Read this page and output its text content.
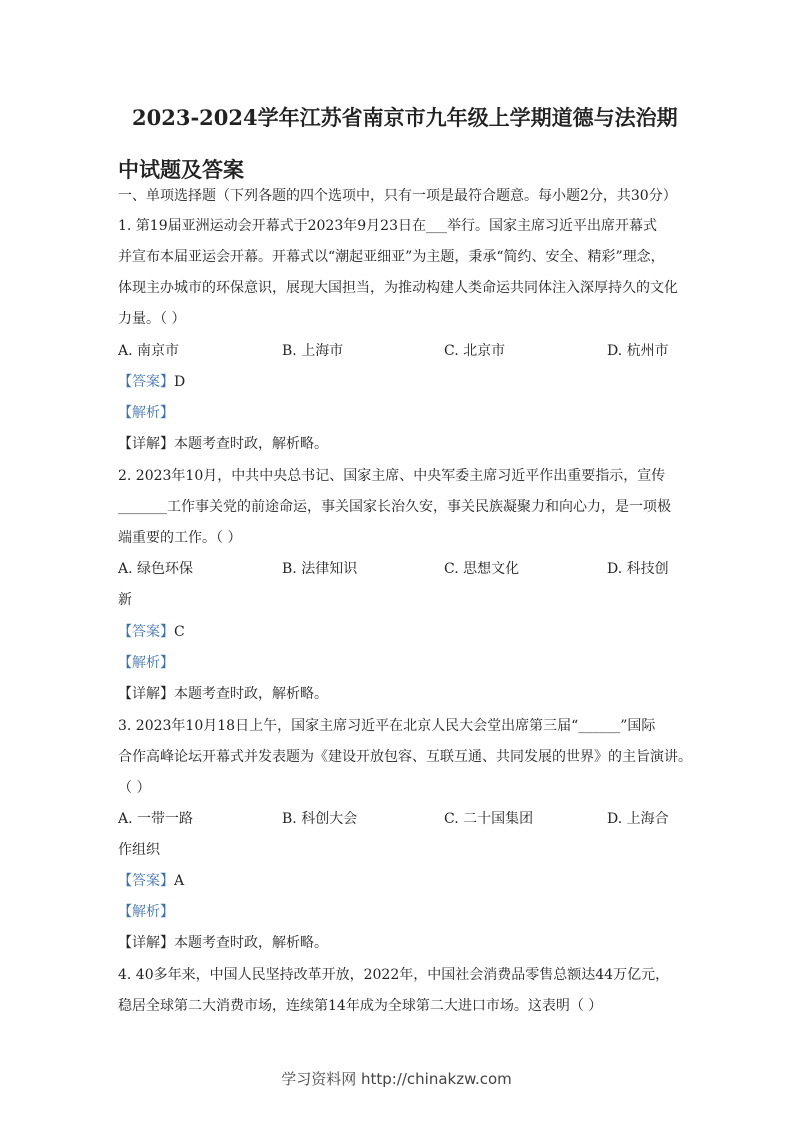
2023-2024学年江苏省南京市九年级上学期道德与法治期
中试题及答案
一、单项选择题（下列各题的四个选项中，只有一项是最符合题意。每小题2分，共30分）
1. 第19届亚洲运动会开幕式于2023年9月23日在___举行。国家主席习近平出席开幕式
并宣布本届亚运会开幕。开幕式以“潮起亚细亚”为主题，秉承“简约、安全、精彩”理念，
体现主办城市的环保意识，展现大国担当，为推动构建人类命运共同体注入深厚持久的文化
力量。（ ）
A. 南京市	B. 上海市	C. 北京市	D. 杭州市
【答案】D
【解析】
【详解】本题考查时政，解析略。
2. 2023年10月，中共中央总书记、国家主席、中央军委主席习近平作出重要指示，宣传
_______工作事关党的前途命运，事关国家长治久安，事关民族凝聚力和向心力，是一项极
端重要的工作。（ ）
A. 绿色环保	B. 法律知识	C. 思想文化	D. 科技创
新
【答案】C
【解析】
【详解】本题考查时政，解析略。
3. 2023年10月18日上午，国家主席习近平在北京人民大会堂出席第三届“______”国际
合作高峰论坛开幕式并发表题为《建设开放包容、互联互通、共同发展的世界》的主旨演讲。
（ ）
A. 一带一路	B. 科创大会	C. 二十国集团	D. 上海合
作组织
【答案】A
【解析】
【详解】本题考查时政，解析略。
4. 40多年来，中国人民坚持改革开放，2022年，中国社会消费品零售总额达44万亿元，
稳居全球第二大消费市场，连续第14年成为全球第二大进口市场。这表明（ ）
学习资料网 http://chinakzw.com
